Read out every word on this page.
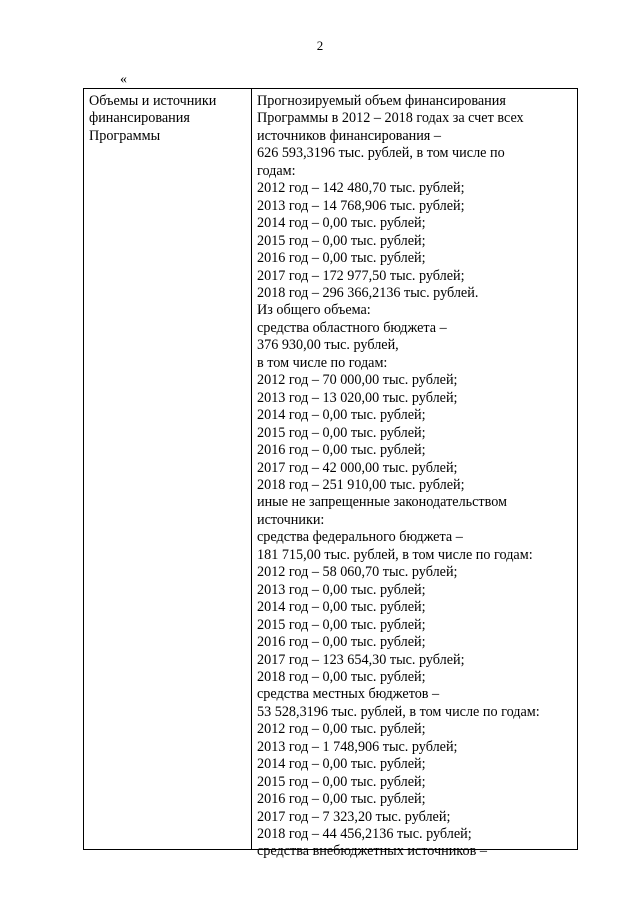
2
«
Объемы и источники
финансирования
Программы
Прогнозируемый объем финансирования
Программы в 2012 – 2018 годах за счет всех
источников финансирования –
626 593,3196 тыс. рублей, в том числе по
годам:
2012 год – 142 480,70 тыс. рублей;
2013 год – 14 768,906 тыс. рублей;
2014 год – 0,00 тыс. рублей;
2015 год – 0,00 тыс. рублей;
2016 год – 0,00 тыс. рублей;
2017 год – 172 977,50 тыс. рублей;
2018 год – 296 366,2136 тыс. рублей.
Из общего объема:
средства областного бюджета –
376 930,00 тыс. рублей,
в том числе по годам:
2012 год – 70 000,00 тыс. рублей;
2013 год – 13 020,00 тыс. рублей;
2014 год – 0,00 тыс. рублей;
2015 год – 0,00 тыс. рублей;
2016 год – 0,00 тыс. рублей;
2017 год – 42 000,00 тыс. рублей;
2018 год – 251 910,00 тыс. рублей;
иные не запрещенные законодательством
источники:
средства федерального бюджета –
181 715,00 тыс. рублей, в том числе по годам:
2012 год – 58 060,70 тыс. рублей;
2013 год – 0,00 тыс. рублей;
2014 год – 0,00 тыс. рублей;
2015 год – 0,00 тыс. рублей;
2016 год – 0,00 тыс. рублей;
2017 год – 123 654,30 тыс. рублей;
2018 год – 0,00 тыс. рублей;
средства местных бюджетов –
53 528,3196 тыс. рублей, в том числе по годам:
2012 год – 0,00 тыс. рублей;
2013 год – 1 748,906 тыс. рублей;
2014 год – 0,00 тыс. рублей;
2015 год – 0,00 тыс. рублей;
2016 год – 0,00 тыс. рублей;
2017 год – 7 323,20 тыс. рублей;
2018 год – 44 456,2136 тыс. рублей;
средства внебюджетных источников –
